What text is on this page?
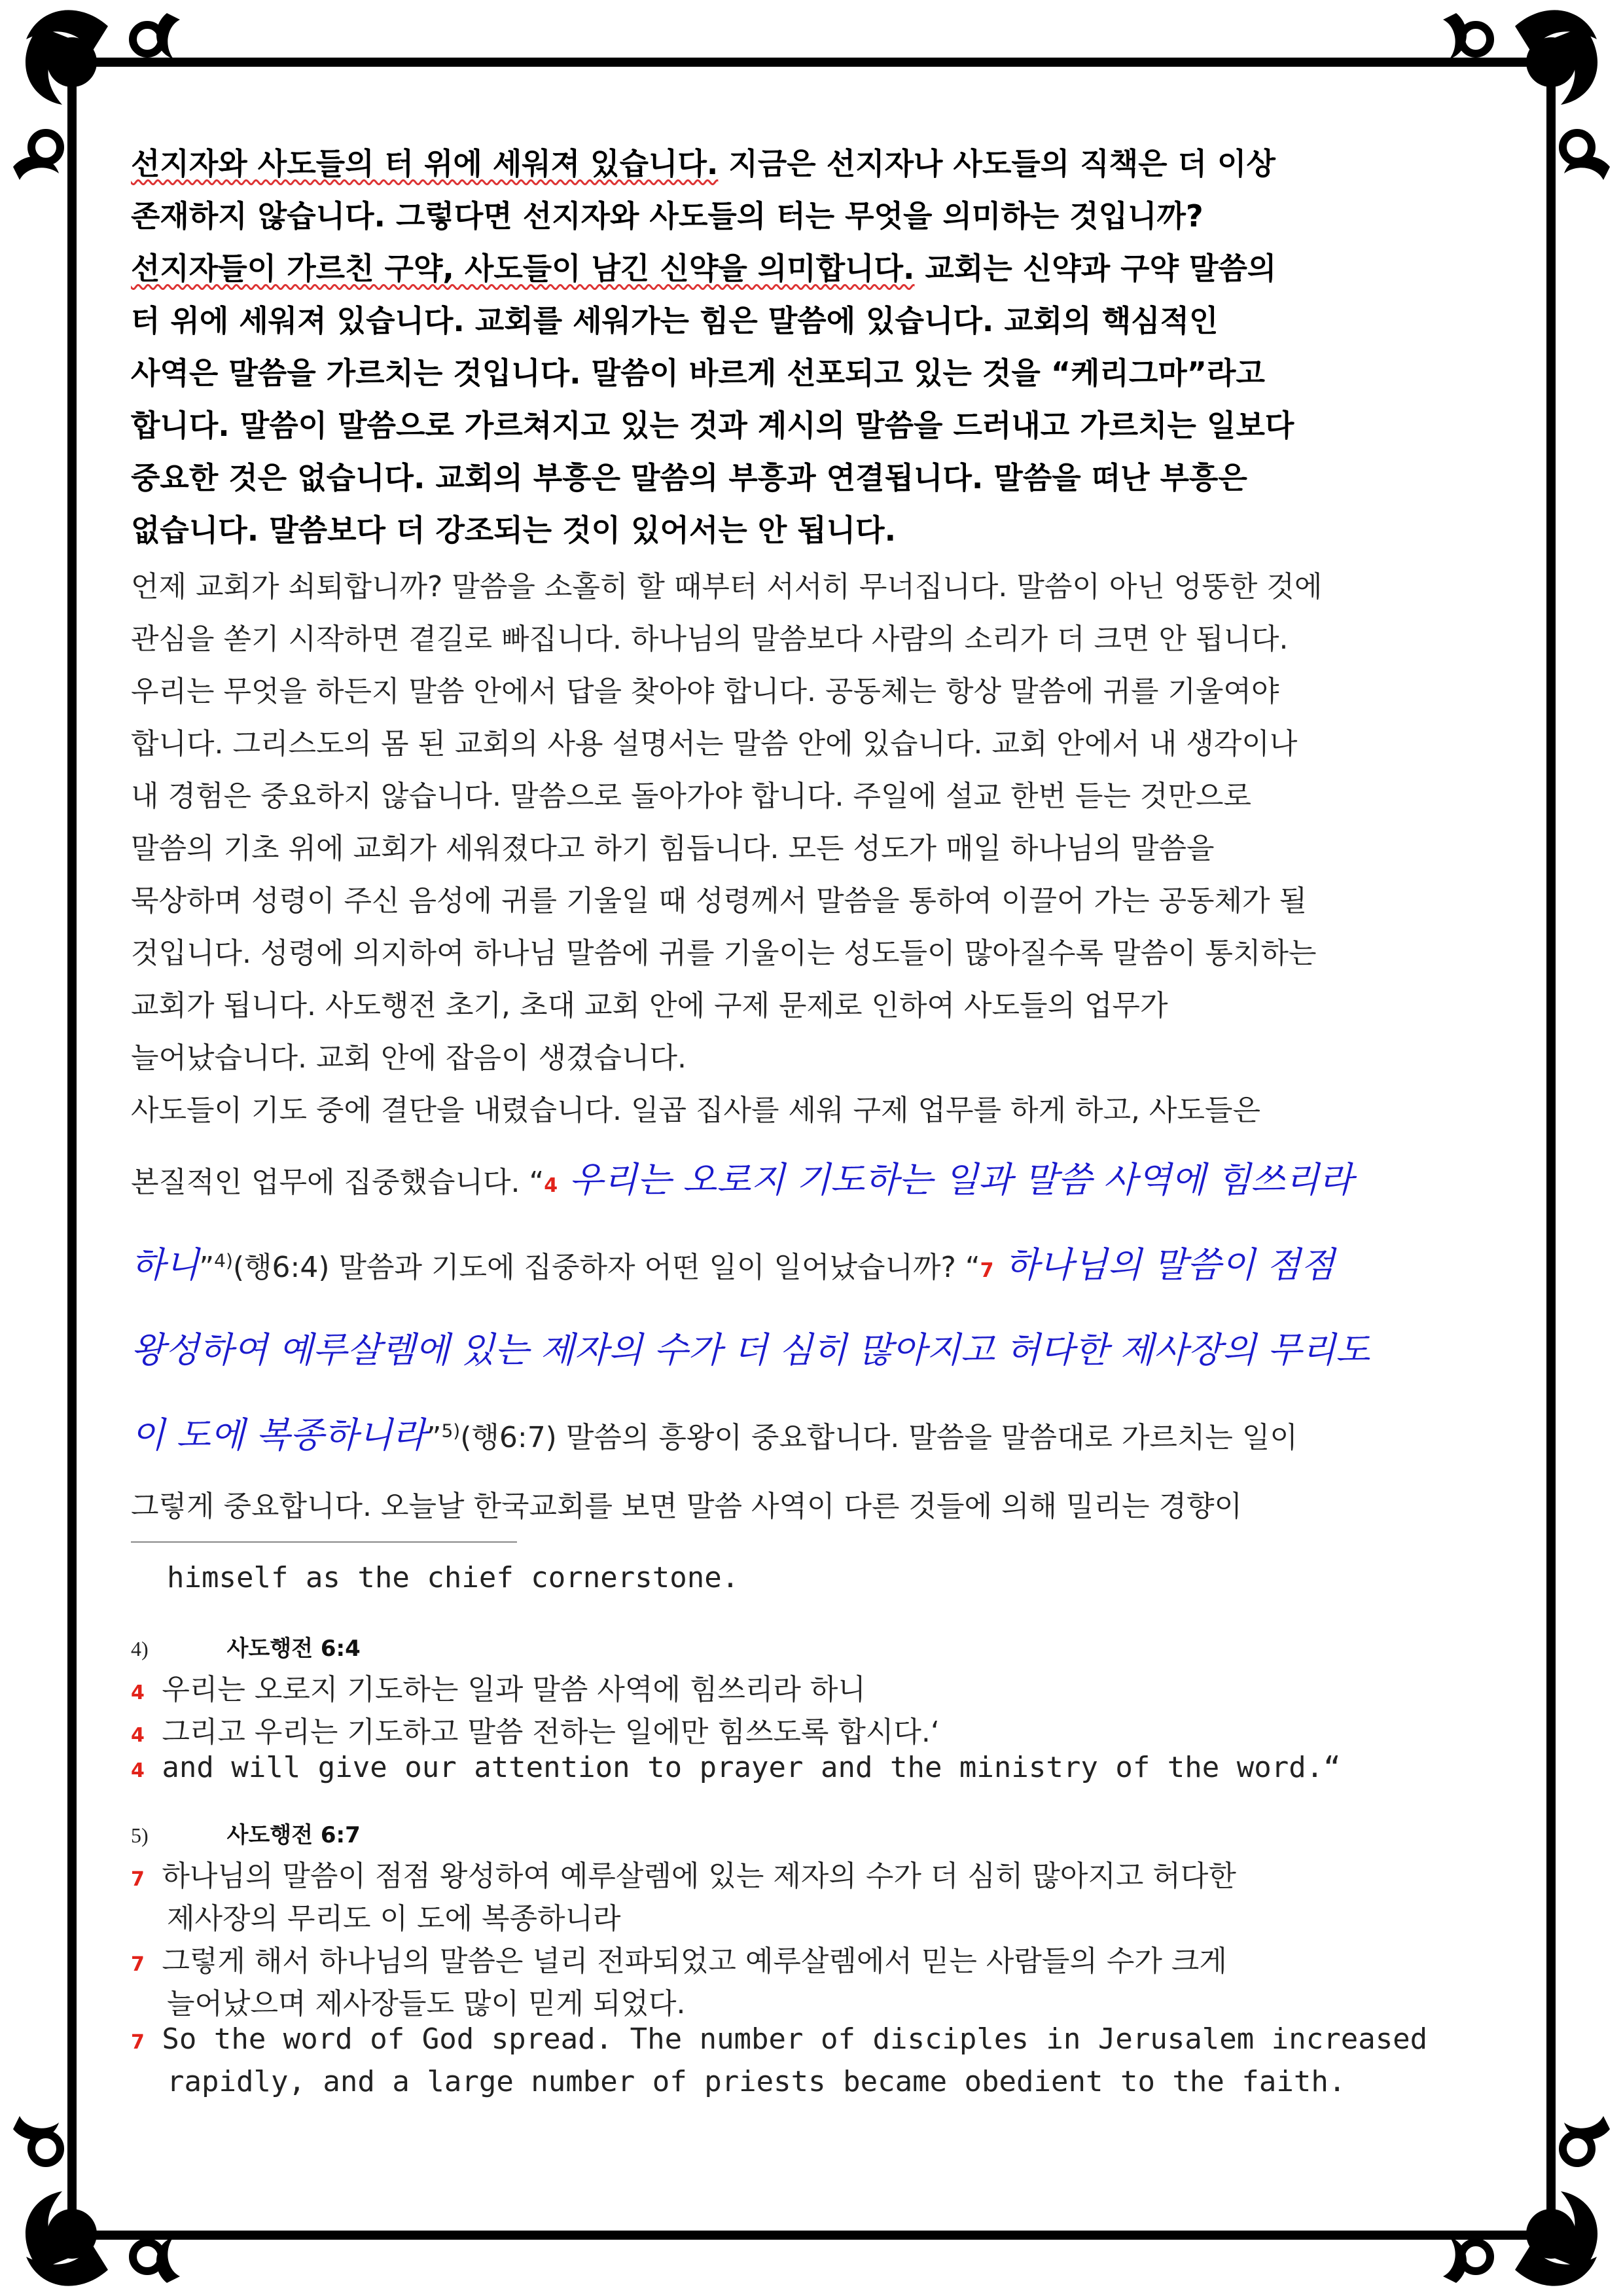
선지자와 사도들의 터 위에 세워져 있습니다. 지금은 선지자나 사도들의 직책은 더 이상
존재하지 않습니다. 그렇다면 선지자와 사도들의 터는 무엇을 의미하는 것입니까?
선지자들이 가르친 구약, 사도들이 남긴 신약을 의미합니다. 교회는 신약과 구약 말씀의
터 위에 세워져 있습니다. 교회를 세워가는 힘은 말씀에 있습니다. 교회의 핵심적인
사역은 말씀을 가르치는 것입니다. 말씀이 바르게 선포되고 있는 것을 “케리그마”라고
합니다. 말씀이 말씀으로 가르쳐지고 있는 것과 계시의 말씀을 드러내고 가르치는 일보다
중요한 것은 없습니다. 교회의 부흥은 말씀의 부흥과 연결됩니다. 말씀을 떠난 부흥은
없습니다. 말씀보다 더 강조되는 것이 있어서는 안 됩니다.
언제 교회가 쇠퇴합니까? 말씀을 소홀히 할 때부터 서서히 무너집니다. 말씀이 아닌 엉뚱한 것에
관심을 쏟기 시작하면 곁길로 빠집니다. 하나님의 말씀보다 사람의 소리가 더 크면 안 됩니다.
우리는 무엇을 하든지 말씀 안에서 답을 찾아야 합니다. 공동체는 항상 말씀에 귀를 기울여야
합니다. 그리스도의 몸 된 교회의 사용 설명서는 말씀 안에 있습니다. 교회 안에서 내 생각이나
내 경험은 중요하지 않습니다. 말씀으로 돌아가야 합니다. 주일에 설교 한번 듣는 것만으로
말씀의 기초 위에 교회가 세워졌다고 하기 힘듭니다. 모든 성도가 매일 하나님의 말씀을
묵상하며 성령이 주신 음성에 귀를 기울일 때 성령께서 말씀을 통하여 이끌어 가는 공동체가 될
것입니다. 성령에 의지하여 하나님 말씀에 귀를 기울이는 성도들이 많아질수록 말씀이 통치하는
교회가 됩니다. 사도행전 초기, 초대 교회 안에 구제 문제로 인하여 사도들의 업무가
늘어났습니다. 교회 안에 잡음이 생겼습니다.
사도들이 기도 중에 결단을 내렸습니다. 일곱 집사를 세워 구제 업무를 하게 하고, 사도들은
본질적인 업무에 집중했습니다. “4 우리는 오로지 기도하는 일과 말씀 사역에 힘쓰리라
하니”$^{4)}$(행6:4) 말씀과 기도에 집중하자 어떤 일이 일어났습니까? “7 하나님의 말씀이 점점
왕성하여 예루살렘에 있는 제자의 수가 더 심히 많아지고 허다한 제사장의 무리도
이 도에 복종하니라”$^{5)}$(행6:7) 말씀의 흥왕이 중요합니다. 말씀을 말씀대로 가르치는 일이
그렇게 중요합니다. 오늘날 한국교회를 보면 말씀 사역이 다른 것들에 의해 밀리는 경향이
himself as the chief cornerstone.
4)	사도행전 6:4
4 우리는 오로지 기도하는 일과 말씀 사역에 힘쓰리라 하니
4 그리고 우리는 기도하고 말씀 전하는 일에만 힘쓰도록 합시다.‘
4 and will give our attention to prayer and the ministry of the word.“
5)	사도행전 6:7
7 하나님의 말씀이 점점 왕성하여 예루살렘에 있는 제자의 수가 더 심히 많아지고 허다한
제사장의 무리도 이 도에 복종하니라
7 그렇게 해서 하나님의 말씀은 널리 전파되었고 예루살렘에서 믿는 사람들의 수가 크게
늘어났으며 제사장들도 많이 믿게 되었다.
7 So the word of God spread. The number of disciples in Jerusalem increased
rapidly, and a large number of priests became obedient to the faith.
